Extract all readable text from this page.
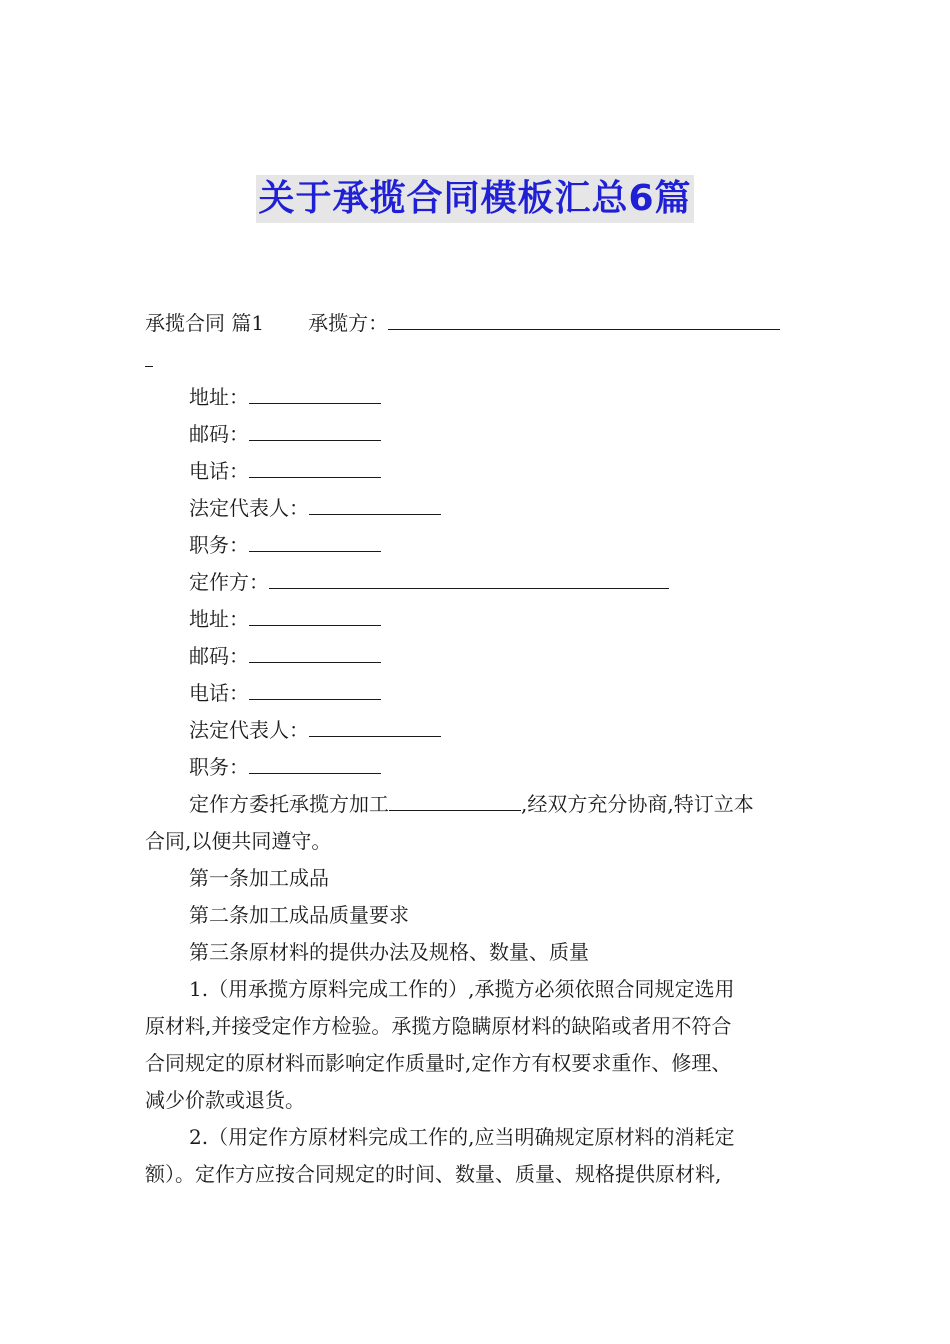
关于承揽合同模板汇总6篇
承揽合同 篇1 承揽方：
地址：
邮码：
电话：
法定代表人：
职务：
定作方：
地址：
邮码：
电话：
法定代表人：
职务：
定作方委托承揽方加工	,经双方充分协商,特订立本
合同,以便共同遵守。
第一条加工成品
第二条加工成品质量要求
第三条原材料的提供办法及规格、数量、质量
1.（用承揽方原料完成工作的）,承揽方必须依照合同规定选用
原材料,并接受定作方检验。承揽方隐瞒原材料的缺陷或者用不符合
合同规定的原材料而影响定作质量时,定作方有权要求重作、修理、
减少价款或退货。
2.（用定作方原材料完成工作的,应当明确规定原材料的消耗定
额）。定作方应按合同规定的时间、数量、质量、规格提供原材料,
